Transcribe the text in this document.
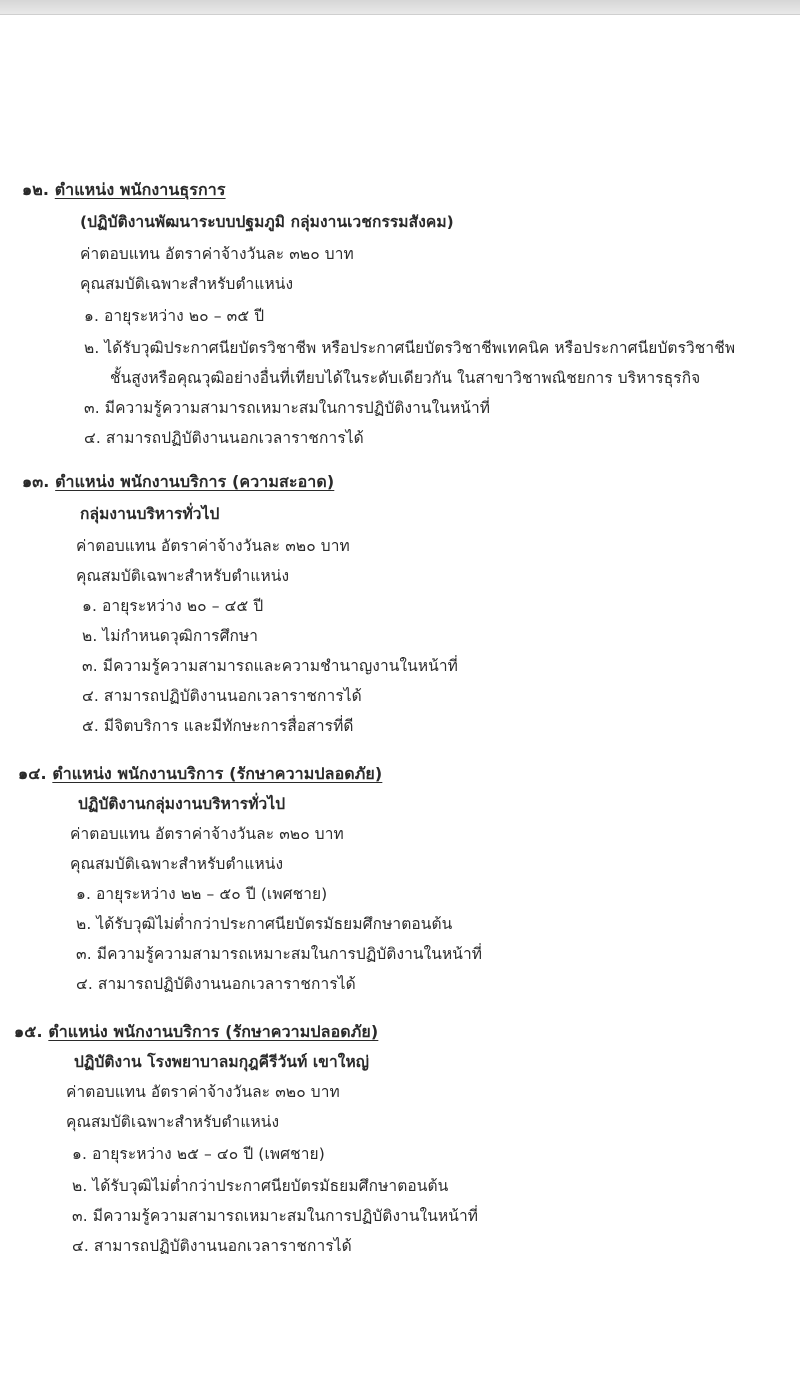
๑๒. ตำแหน่ง พนักงานธุรการ
(ปฏิบัติงานพัฒนาระบบปฐมภูมิ กลุ่มงานเวชกรรมสังคม)
ค่าตอบแทน อัตราค่าจ้างวันละ ๓๒๐ บาท
คุณสมบัติเฉพาะสำหรับตำแหน่ง
๑. อายุระหว่าง ๒๐ – ๓๕ ปี
๒. ได้รับวุฒิประกาศนียบัตรวิชาชีพ หรือประกาศนียบัตรวิชาชีพเทคนิค หรือประกาศนียบัตรวิชาชีพ
ชั้นสูงหรือคุณวุฒิอย่างอื่นที่เทียบได้ในระดับเดียวกัน ในสาขาวิชาพณิชยการ บริหารธุรกิจ
๓. มีความรู้ความสามารถเหมาะสมในการปฏิบัติงานในหน้าที่
๔. สามารถปฏิบัติงานนอกเวลาราชการได้
๑๓. ตำแหน่ง พนักงานบริการ (ความสะอาด)
กลุ่มงานบริหารทั่วไป
ค่าตอบแทน อัตราค่าจ้างวันละ ๓๒๐ บาท
คุณสมบัติเฉพาะสำหรับตำแหน่ง
๑. อายุระหว่าง ๒๐ – ๔๕ ปี
๒. ไม่กำหนดวุฒิการศึกษา
๓. มีความรู้ความสามารถและความชำนาญงานในหน้าที่
๔. สามารถปฏิบัติงานนอกเวลาราชการได้
๕. มีจิตบริการ และมีทักษะการสื่อสารที่ดี
๑๔. ตำแหน่ง พนักงานบริการ (รักษาความปลอดภัย)
ปฏิบัติงานกลุ่มงานบริหารทั่วไป
ค่าตอบแทน อัตราค่าจ้างวันละ ๓๒๐ บาท
คุณสมบัติเฉพาะสำหรับตำแหน่ง
๑. อายุระหว่าง ๒๒ – ๕๐ ปี (เพศชาย)
๒. ได้รับวุฒิไม่ต่ำกว่าประกาศนียบัตรมัธยมศึกษาตอนต้น
๓. มีความรู้ความสามารถเหมาะสมในการปฏิบัติงานในหน้าที่
๔. สามารถปฏิบัติงานนอกเวลาราชการได้
๑๕. ตำแหน่ง พนักงานบริการ (รักษาความปลอดภัย)
ปฏิบัติงาน โรงพยาบาลมกุฎคีรีวันท์ เขาใหญ่
ค่าตอบแทน อัตราค่าจ้างวันละ ๓๒๐ บาท
คุณสมบัติเฉพาะสำหรับตำแหน่ง
๑. อายุระหว่าง ๒๕ – ๔๐ ปี (เพศชาย)
๒. ได้รับวุฒิไม่ต่ำกว่าประกาศนียบัตรมัธยมศึกษาตอนต้น
๓. มีความรู้ความสามารถเหมาะสมในการปฏิบัติงานในหน้าที่
๔. สามารถปฏิบัติงานนอกเวลาราชการได้
